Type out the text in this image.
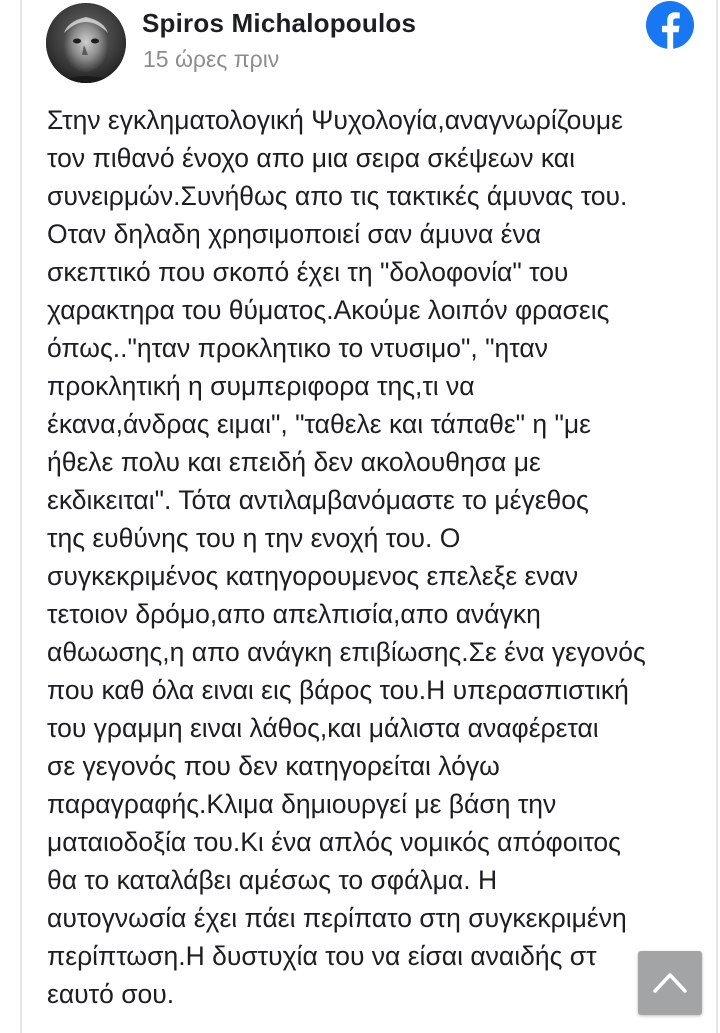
Spiros Michalopoulos
15 ώρες πριν
Στην εγκληματολογική Ψυχολογία,αναγνωρίζουμε
τον πιθανό ένοχο απο μια σειρα σκέψεων και
συνειρμών.Συνήθως απο τις τακτικές άμυνας του.
Οταν δηλαδη χρησιμοποιεί σαν άμυνα ένα
σκεπτικό που σκοπό έχει τη "δολοφονία" του
χαρακτηρα του θύματος.Ακούμε λοιπόν φρασεις
όπως.."ηταν προκλητικο το ντυσιμο", "ηταν
προκλητική η συμπεριφορα της,τι να
έκανα,άνδρας ειμαι", "ταθελε και τάπαθε" η "με
ήθελε πολυ και επειδή δεν ακολουθησα με
εκδικειται". Τότα αντιλαμβανόμαστε το μέγεθος
της ευθύνης του η την ενοχή του. Ο
συγκεκριμένος κατηγορουμενος επελεξε εναν
τετοιον δρόμο,απο απελπισία,απο ανάγκη
αθωωσης,η απο ανάγκη επιβίωσης.Σε ένα γεγονός
που καθ όλα ειναι εις βάρος του.Η υπερασπιστική
του γραμμη ειναι λάθος,και μάλιστα αναφέρεται
σε γεγονός που δεν κατηγορείται λόγω
παραγραφής.Κλιμα δημιουργεί με βάση την
ματαιοδοξία του.Κι ένα απλός νομικός απόφοιτος
θα το καταλάβει αμέσως το σφάλμα. Η
αυτογνωσία έχει πάει περίπατο στη συγκεκριμένη
περίπτωση.Η δυστυχία του να είσαι αναιδής στ
εαυτό σου.
